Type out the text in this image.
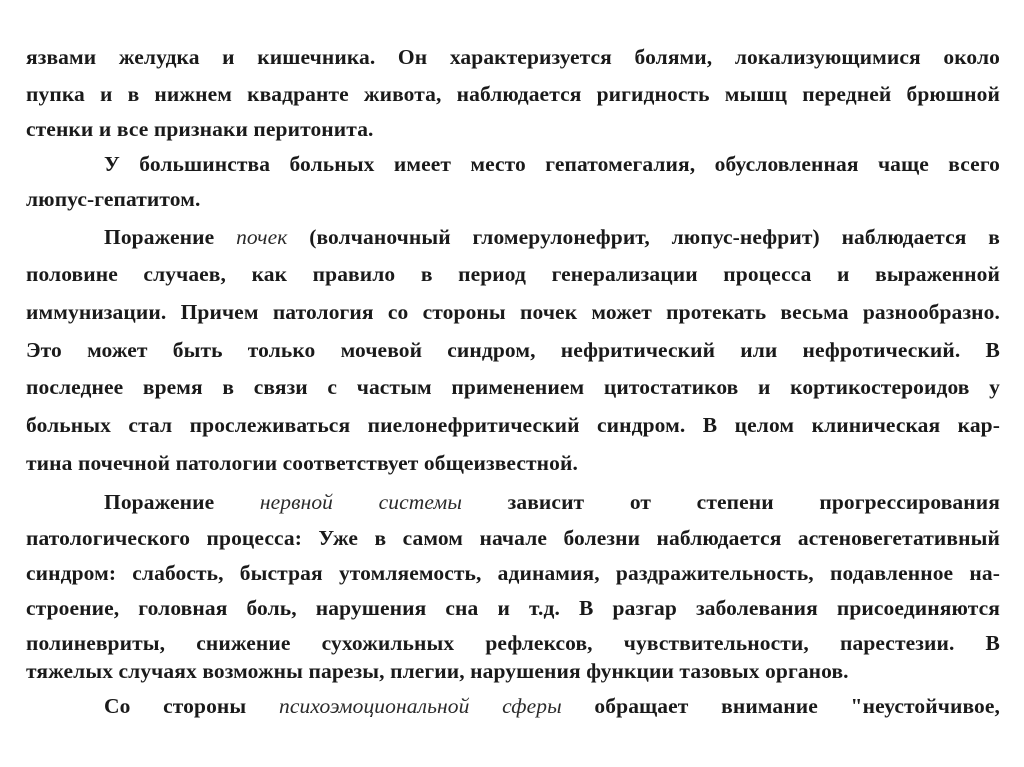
язвами желудка и кишечника. Он характеризуется болями, локализующимися около
пупка и в нижнем квадранте живота, наблюдается ригидность мышц передней брюшной
стенки и все признаки перитонита.
У большинства больных имеет место гепатомегалия, обусловленная чаще всего
люпус-гепатитом.
Поражение почек (волчаночный гломерулонефрит, люпус-нефрит) наблюдается в
половине случаев, как правило в период генерализации процесса и выраженной
иммунизации. Причем патология со стороны почек может протекать весьма разнообразно.
Это может быть только мочевой синдром, нефритический или нефротический. В
последнее время в связи с частым применением цитостатиков и кортикостероидов у
больных стал прослеживаться пиелонефритический синдром. В целом клиническая кар-
тина почечной патологии соответствует общеизвестной.
Поражение нервной системы зависит от степени прогрессирования
патологического процесса: Уже в самом начале болезни наблюдается астеновегетативный
синдром: слабость, быстрая утомляемость, адинамия, раздражительность, подавленное на-
строение, головная боль, нарушения сна и т.д. В разгар заболевания присоединяются
полиневриты, снижение сухожильных рефлексов, чувствительности, парестезии. В
тяжелых случаях возможны парезы, плегии, нарушения функции тазовых органов.
Со стороны психоэмоциональной сферы обращает внимание "неустойчивое,
